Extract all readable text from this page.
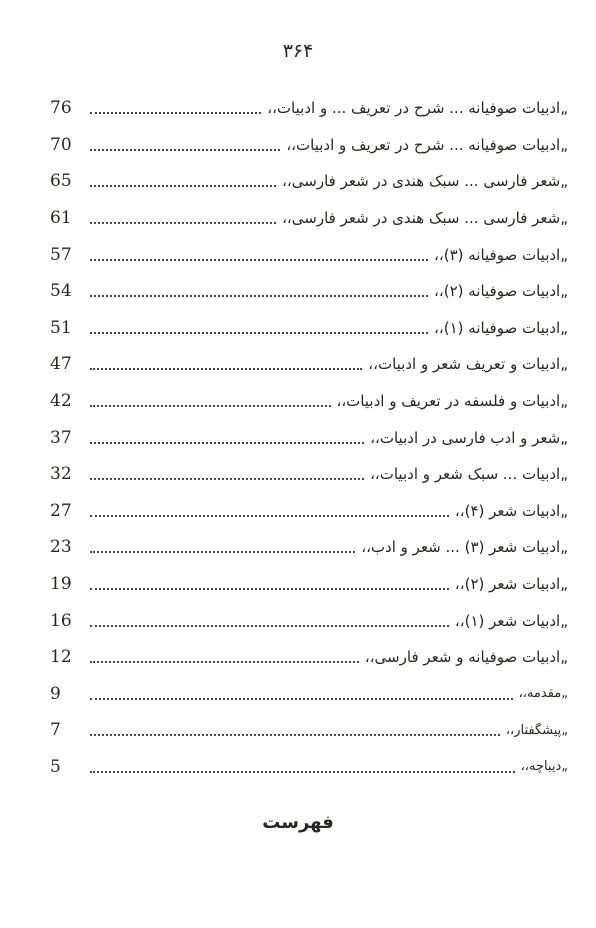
۳۶۴
76	„ادبیات صوفیانه ... شرح در تعریف ... و ادبیات،،
70	„ادبیات صوفیانه ... شرح در تعریف و ادبیات،،
65	„شعر فارسی ... سبک هندی در شعر فارسی،،
61	„شعر فارسی ... سبک هندی در شعر فارسی،،
57	„ادبیات صوفیانه (۳)،،
54	„ادبیات صوفیانه (۲)،،
51	„ادبیات صوفیانه (۱)،،
47	„ادبیات و تعریف شعر و ادبیات،،
42	„ادبیات و فلسفه در تعریف و ادبیات،،
37	„شعر و ادب فارسی در ادبیات،،
32	„ادبیات ... سبک شعر و ادبیات،،
27	„ادبیات شعر (۴)،،
23	„ادبیات شعر (۳) ... شعر و ادب،،
19	„ادبیات شعر (۲)،،
16	„ادبیات شعر (۱)،،
12	„ادبیات صوفیانه و شعر فارسی،،
9	„مقدمه،،
7	„پیشگفتار،،
5	„دیباچه،،
فهرست
